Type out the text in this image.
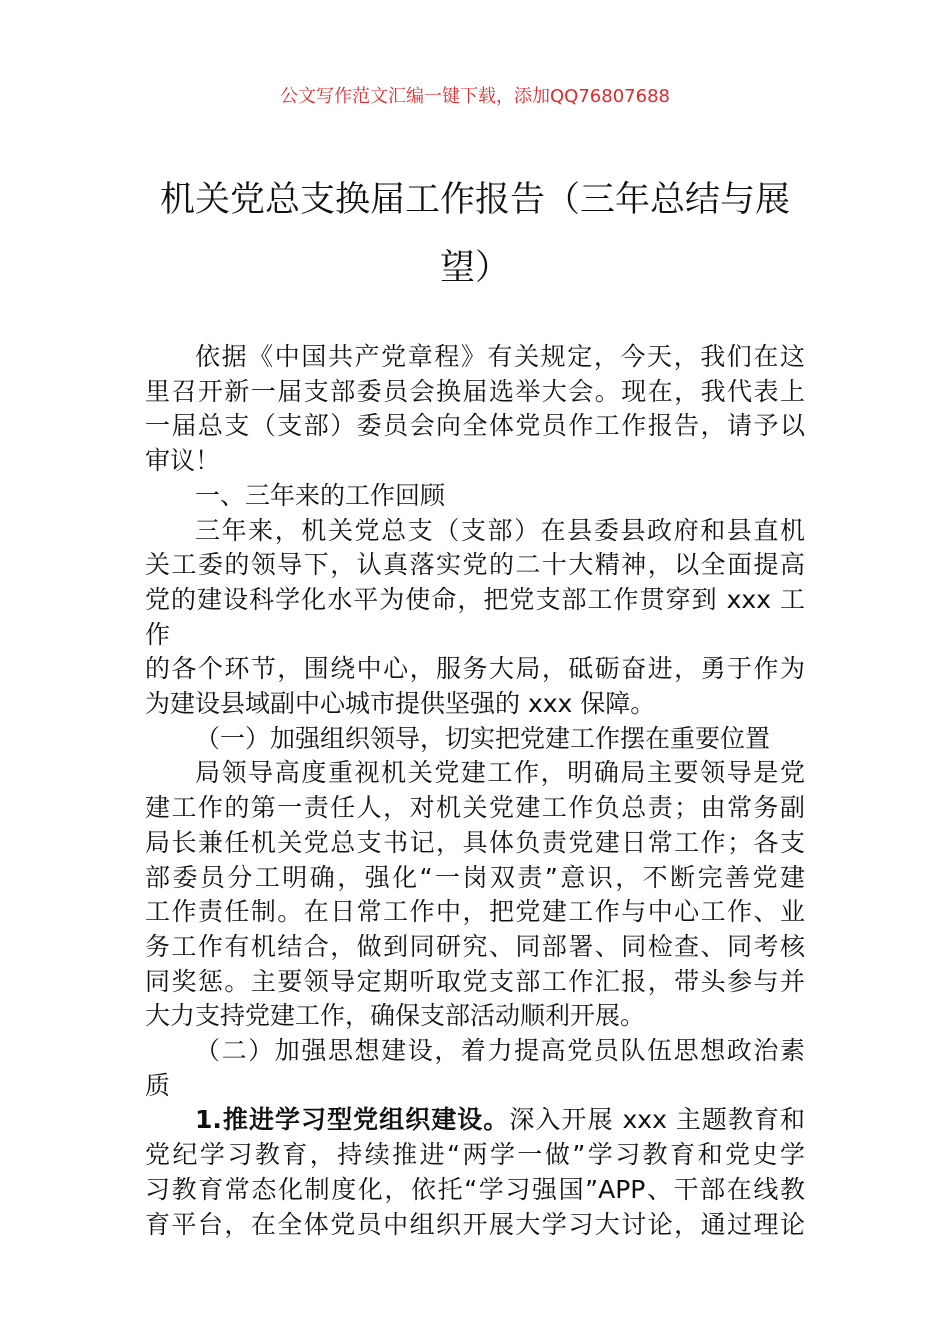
公文写作范文汇编一键下载，添加QQ76807688
机关党总支换届工作报告（三年总结与展
望）
依据《中国共产党章程》有关规定，今天，我们在这
里召开新一届支部委员会换届选举大会。现在，我代表上
一届总支（支部）委员会向全体党员作工作报告，请予以
审议！
一、三年来的工作回顾
三年来，机关党总支（支部）在县委县政府和县直机
关工委的领导下，认真落实党的二十大精神，以全面提高
党的建设科学化水平为使命，把党支部工作贯穿到 xxx 工作
的各个环节，围绕中心，服务大局，砥砺奋进，勇于作为
为建设县域副中心城市提供坚强的 xxx 保障。
（一）加强组织领导，切实把党建工作摆在重要位置
局领导高度重视机关党建工作，明确局主要领导是党
建工作的第一责任人，对机关党建工作负总责；由常务副
局长兼任机关党总支书记，具体负责党建日常工作；各支
部委员分工明确，强化“一岗双责”意识，不断完善党建
工作责任制。在日常工作中，把党建工作与中心工作、业
务工作有机结合，做到同研究、同部署、同检查、同考核
同奖惩。主要领导定期听取党支部工作汇报，带头参与并
大力支持党建工作，确保支部活动顺利开展。
（二）加强思想建设，着力提高党员队伍思想政治素
质
1.推进学习型党组织建设。深入开展 xxx 主题教育和
党纪学习教育，持续推进“两学一做”学习教育和党史学
习教育常态化制度化，依托“学习强国”APP、干部在线教
育平台，在全体党员中组织开展大学习大讨论，通过理论
